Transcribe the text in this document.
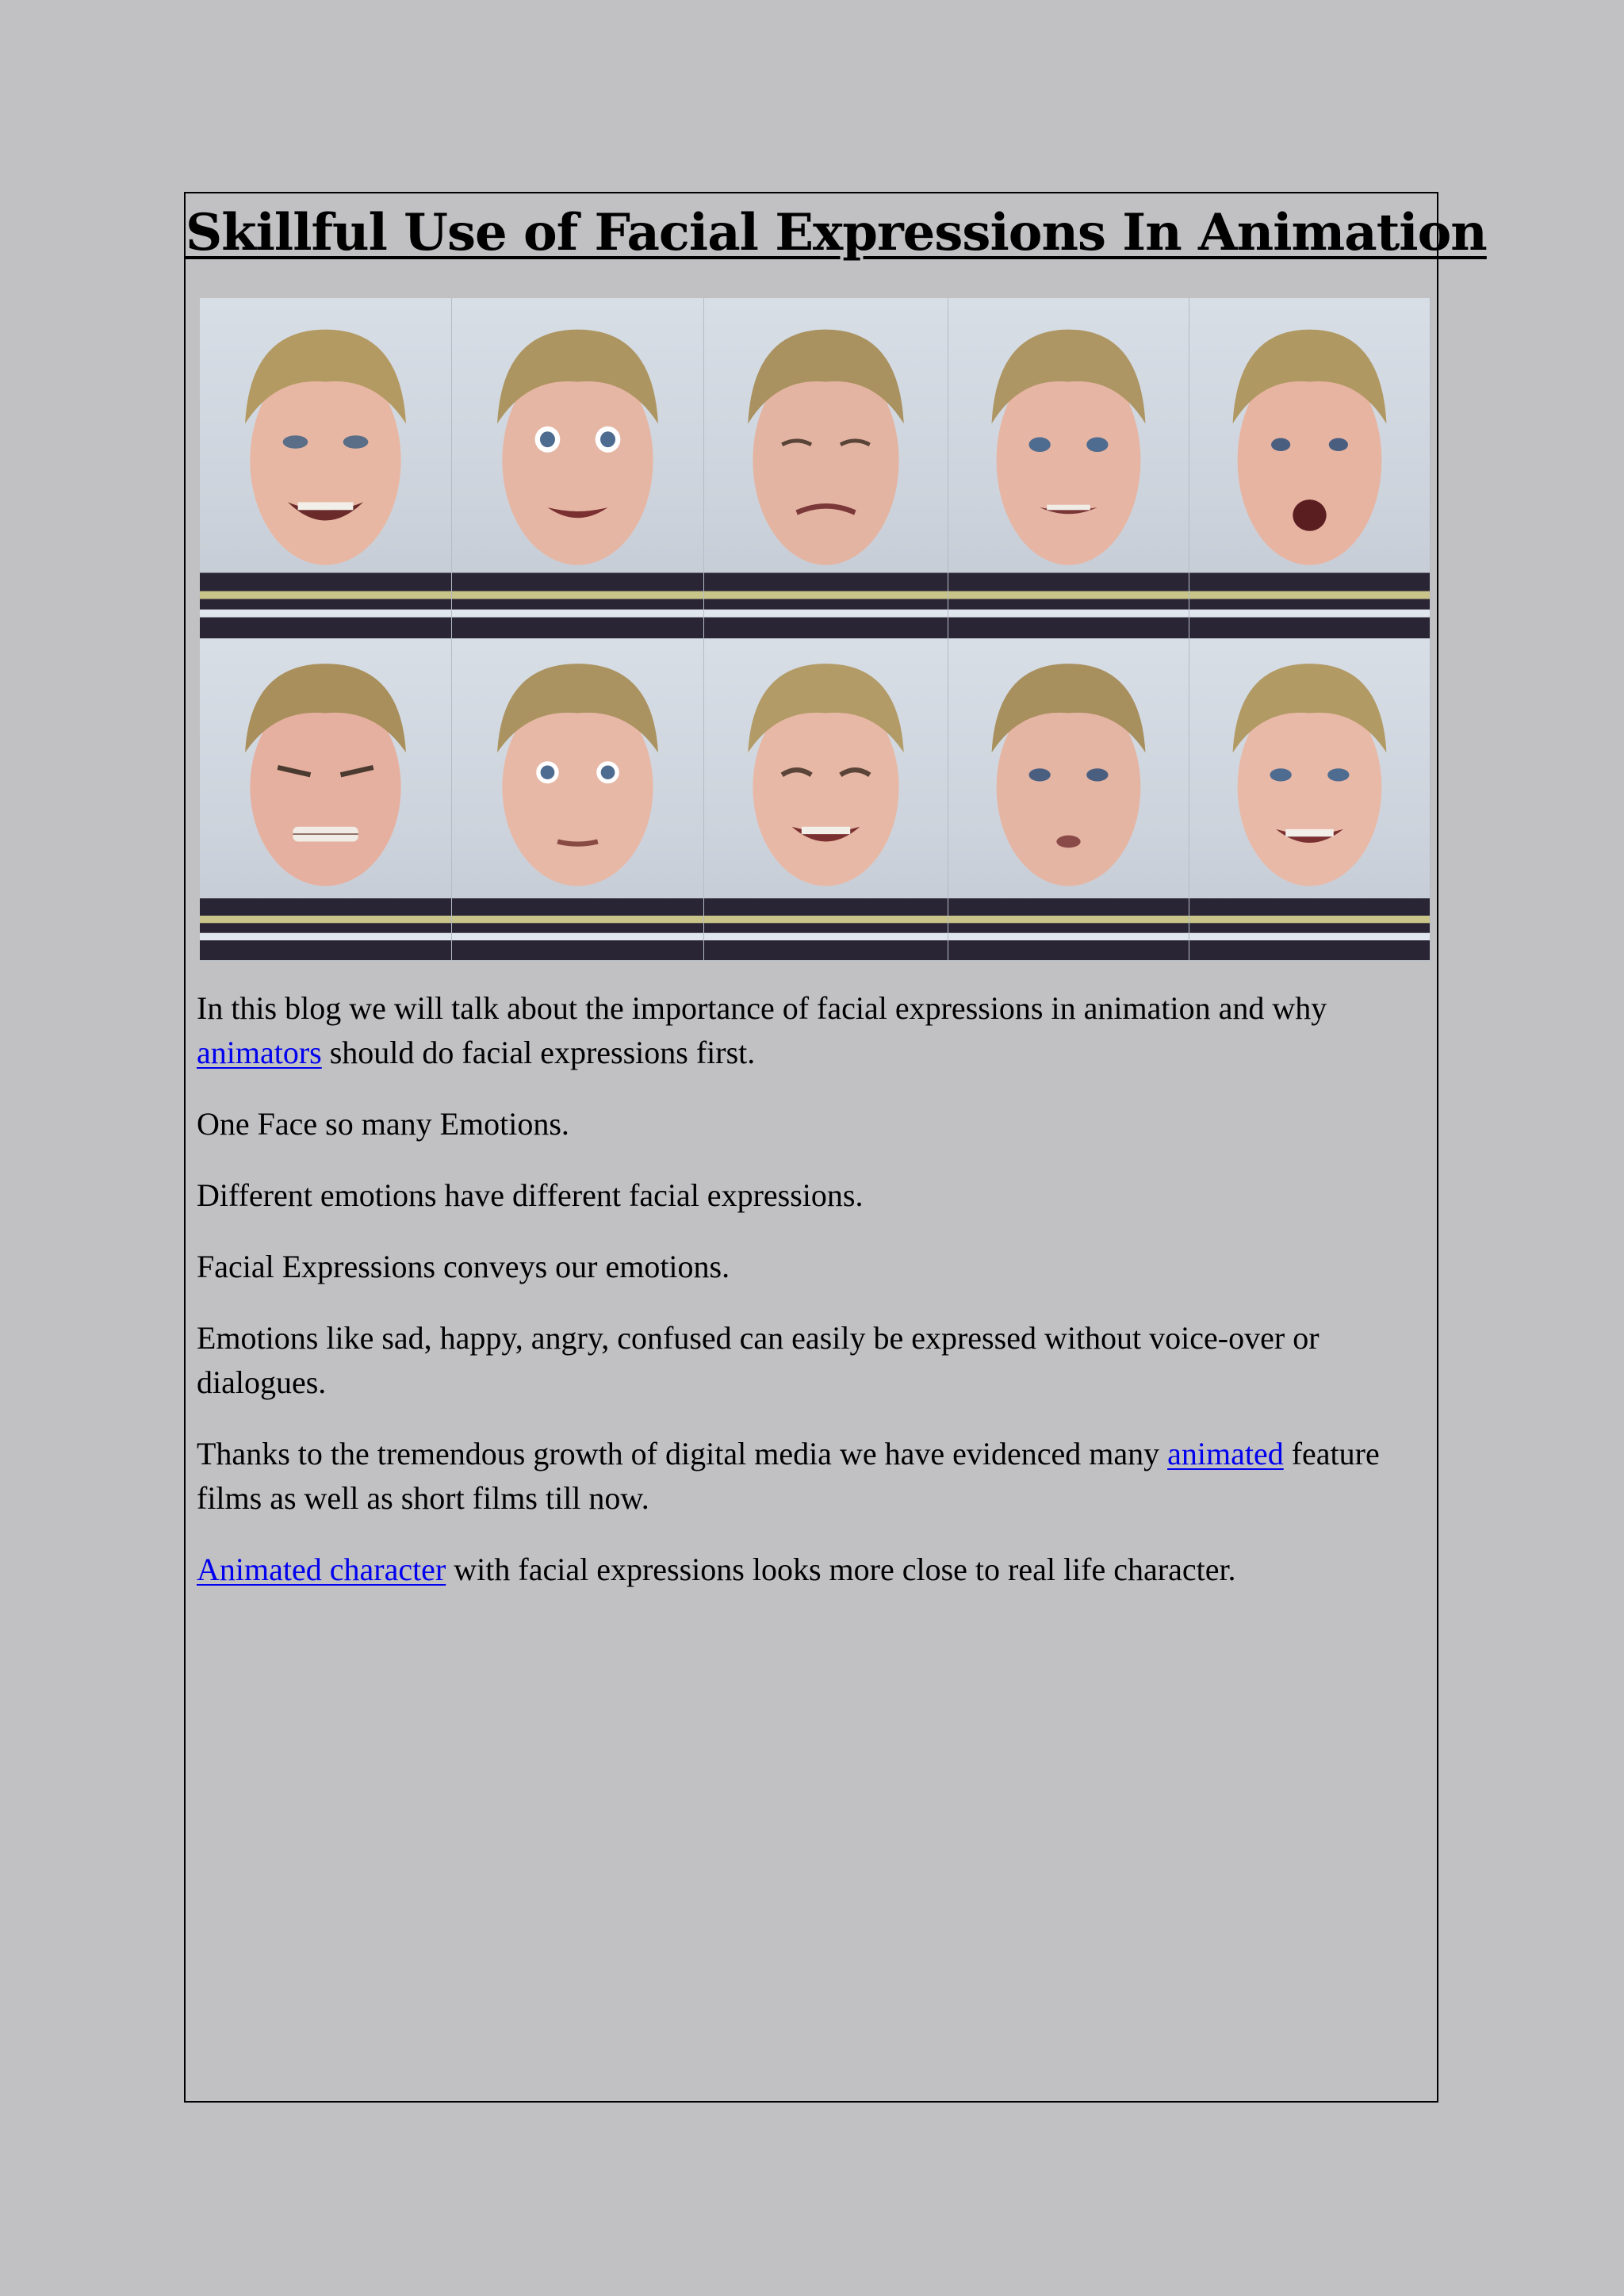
Skillful Use of Facial Expressions In Animation

In this blog we will talk about the importance of facial expressions in animation and why animators should do facial expressions first.

One Face so many Emotions.

Different emotions have different facial expressions.

Facial Expressions conveys our emotions.

Emotions like sad, happy, angry, confused can easily be expressed without voice-over or dialogues.

Thanks to the tremendous growth of digital media we have evidenced many animated feature films as well as short films till now.

Animated character with facial expressions looks more close to real life character.
